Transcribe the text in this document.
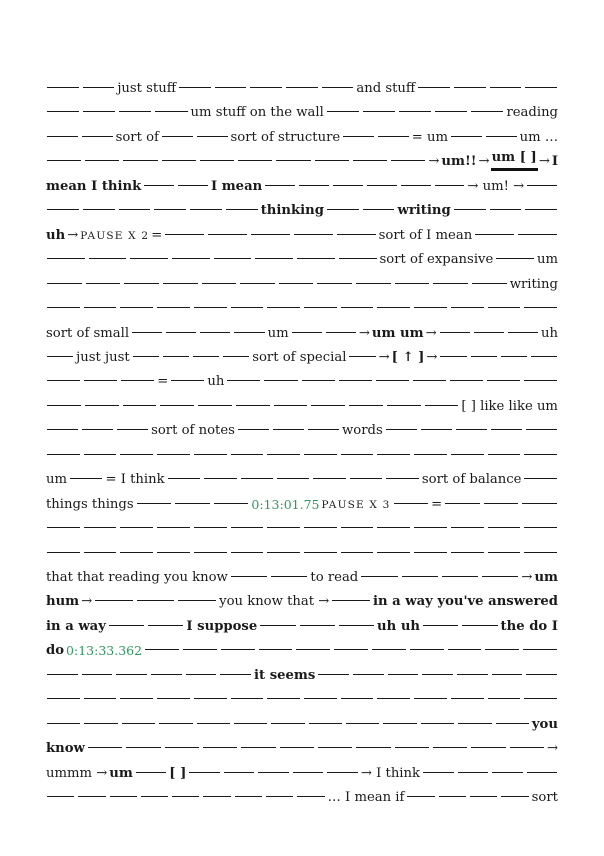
just stuff	and stuff
um stuff on the wall	reading
sort of	sort of structure	= um	um …
→ um!! → um [ ] → I
mean I think	I mean	→ um! →
thinking	writing
uh → PAUSE X 2 =	sort of I mean
sort of expansive	um
writing
sort of small	um	→ um um →	uh
just just	sort of special → [ ↑ ] →
=	uh
[ ] like like um
sort of notes	words
um	= I think	sort of balance
things things	0:13:01.75 PAUSE X 3	=
that that reading you know	to read	→ um
hum →	you know that →	in a way you've answered
in a way	I suppose	uh uh	the do I
do 0:13:33.362
it seems
you
know	→
ummm → um	[ ]	→ I think
… I mean if	sort
